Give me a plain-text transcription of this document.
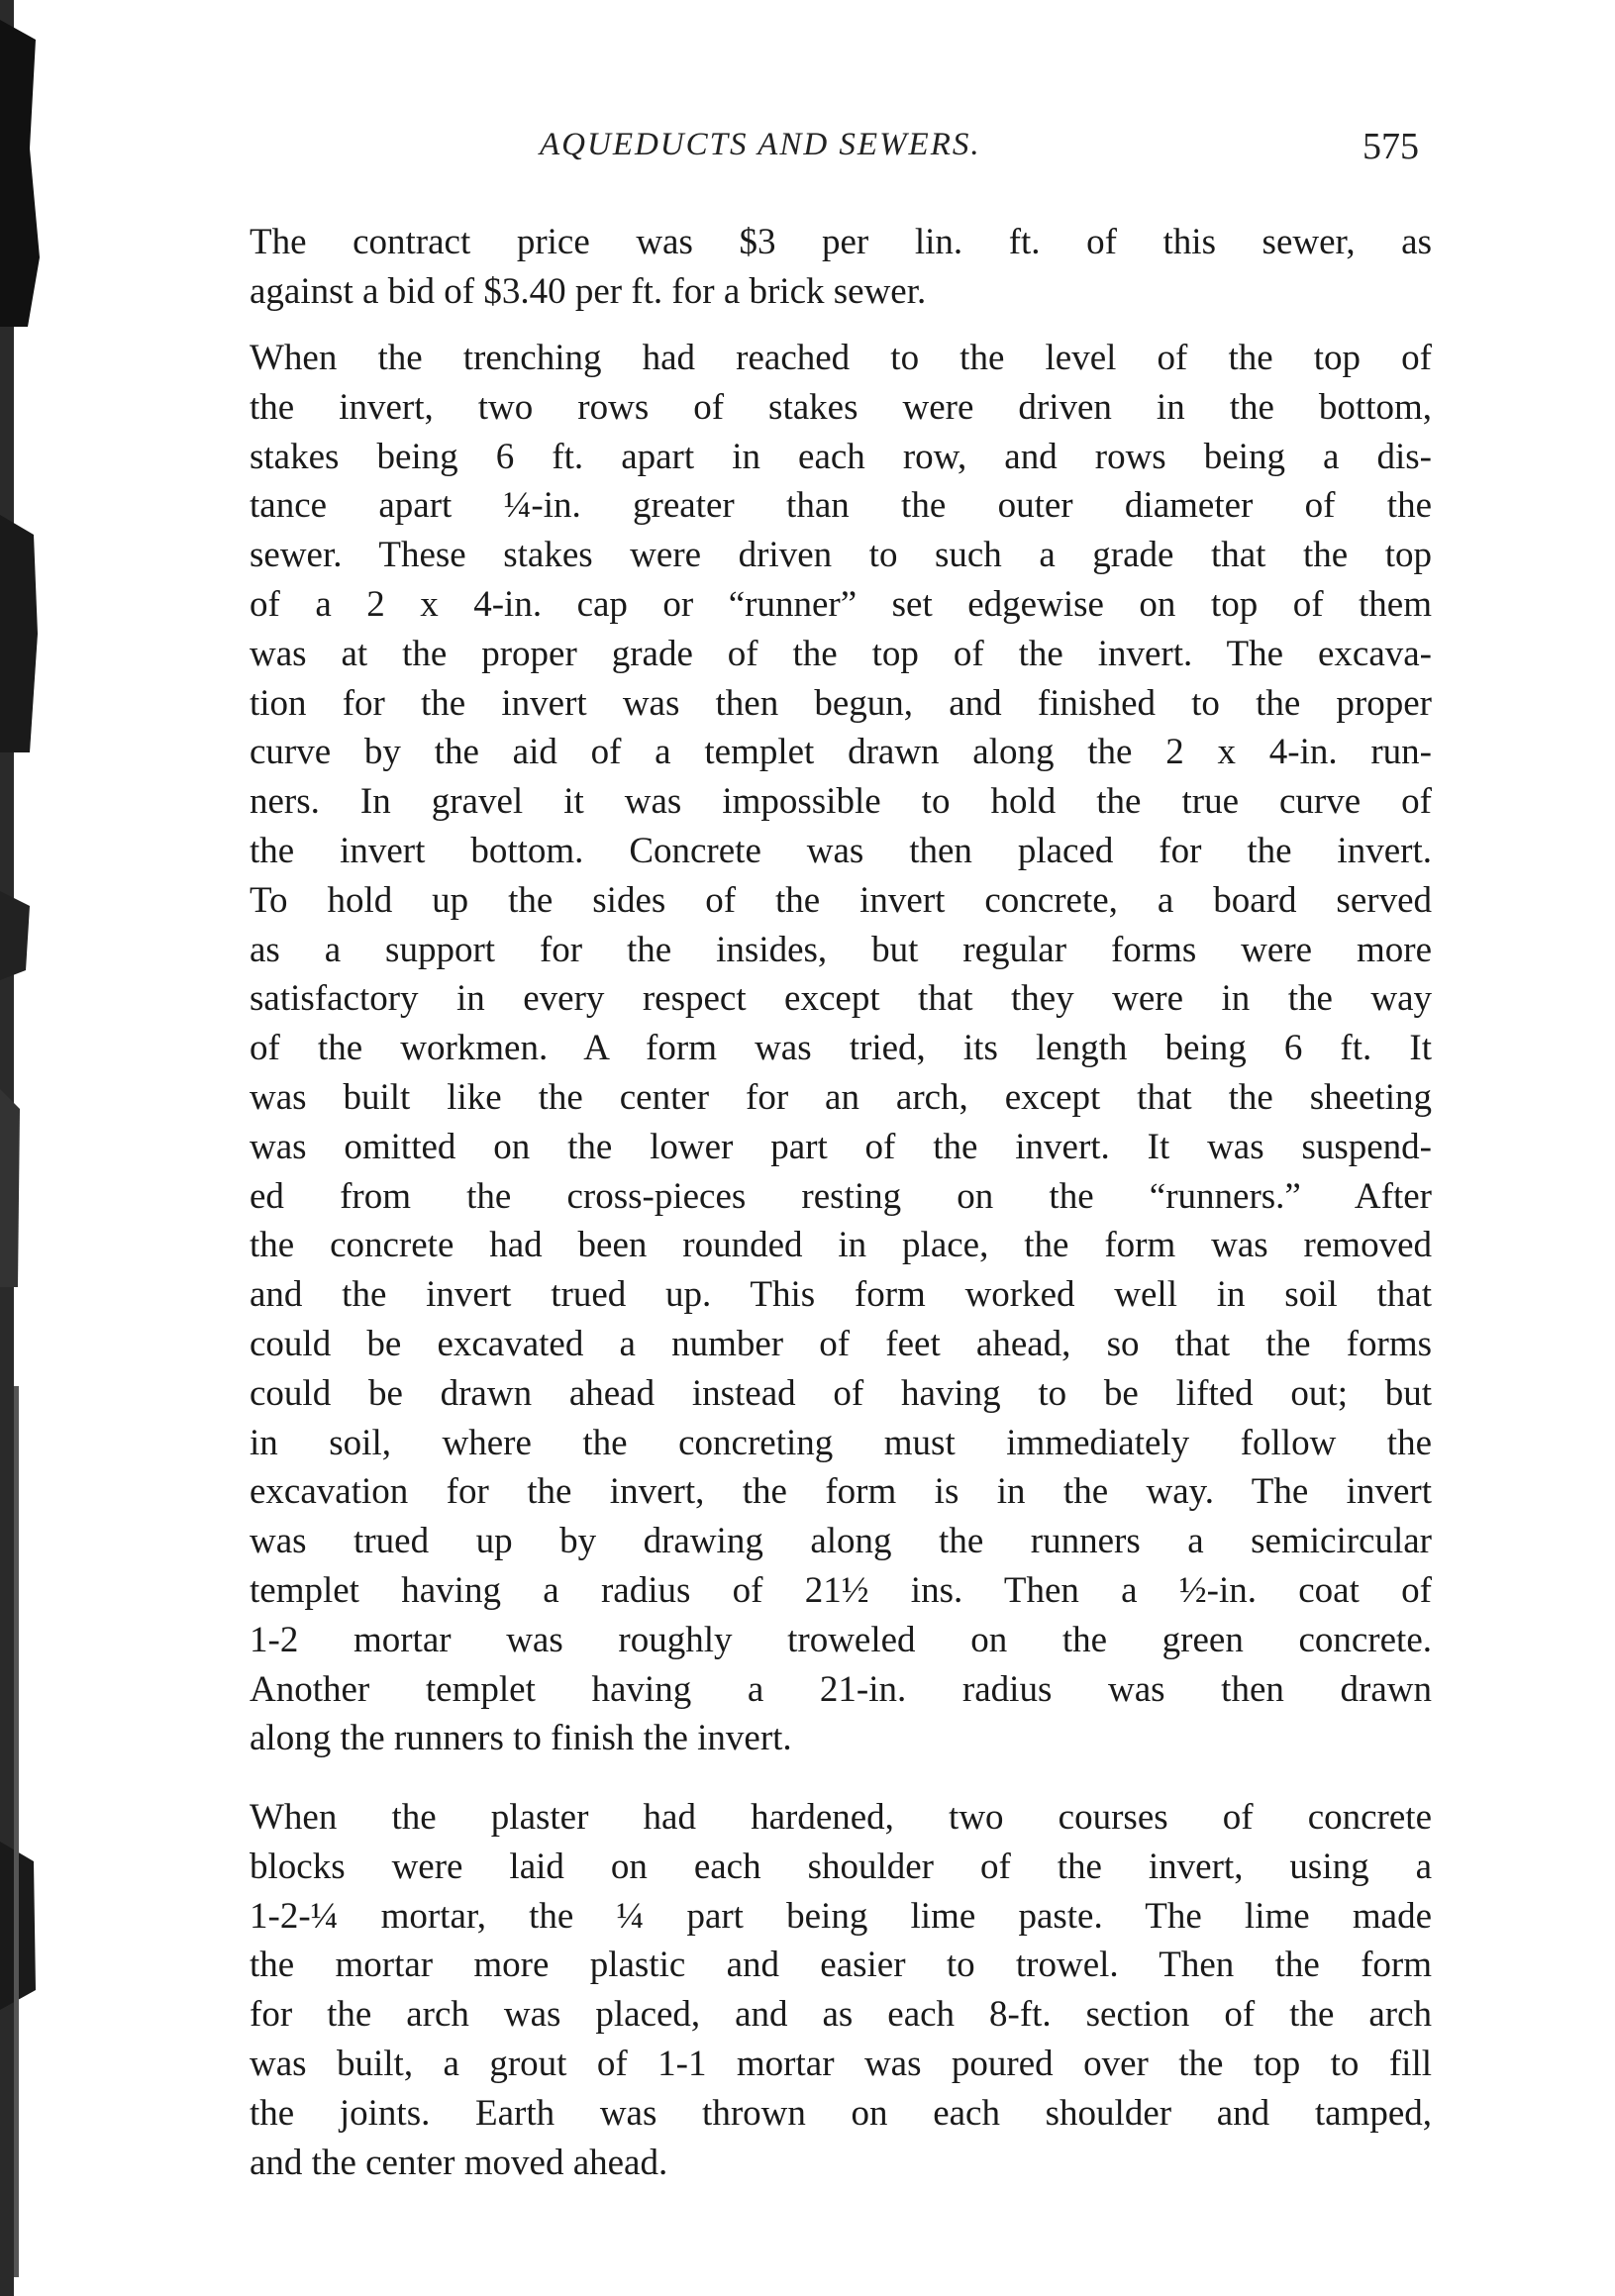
AQUEDUCTS AND SEWERS.	575
The contract price was $3 per lin. ft. of this sewer, as
against a bid of $3.40 per ft. for a brick sewer.
When the trenching had reached to the level of the top of
the invert, two rows of stakes were driven in the bottom,
stakes being 6 ft. apart in each row, and rows being a dis-
tance apart ¼-in. greater than the outer diameter of the
sewer. These stakes were driven to such a grade that the top
of a 2 x 4-in. cap or “runner” set edgewise on top of them
was at the proper grade of the top of the invert. The excava-
tion for the invert was then begun, and finished to the proper
curve by the aid of a templet drawn along the 2 x 4-in. run-
ners. In gravel it was impossible to hold the true curve of
the invert bottom. Concrete was then placed for the invert.
To hold up the sides of the invert concrete, a board served
as a support for the insides, but regular forms were more
satisfactory in every respect except that they were in the way
of the workmen. A form was tried, its length being 6 ft. It
was built like the center for an arch, except that the sheeting
was omitted on the lower part of the invert. It was suspend-
ed from the cross-pieces resting on the “runners.” After
the concrete had been rounded in place, the form was removed
and the invert trued up. This form worked well in soil that
could be excavated a number of feet ahead, so that the forms
could be drawn ahead instead of having to be lifted out; but
in soil, where the concreting must immediately follow the
excavation for the invert, the form is in the way. The invert
was trued up by drawing along the runners a semicircular
templet having a radius of 21½ ins. Then a ½-in. coat of
1-2 mortar was roughly troweled on the green concrete.
Another templet having a 21-in. radius was then drawn
along the runners to finish the invert.
When the plaster had hardened, two courses of concrete
blocks were laid on each shoulder of the invert, using a
1-2-¼ mortar, the ¼ part being lime paste. The lime made
the mortar more plastic and easier to trowel. Then the form
for the arch was placed, and as each 8-ft. section of the arch
was built, a grout of 1-1 mortar was poured over the top to fill
the joints. Earth was thrown on each shoulder and tamped,
and the center moved ahead.
